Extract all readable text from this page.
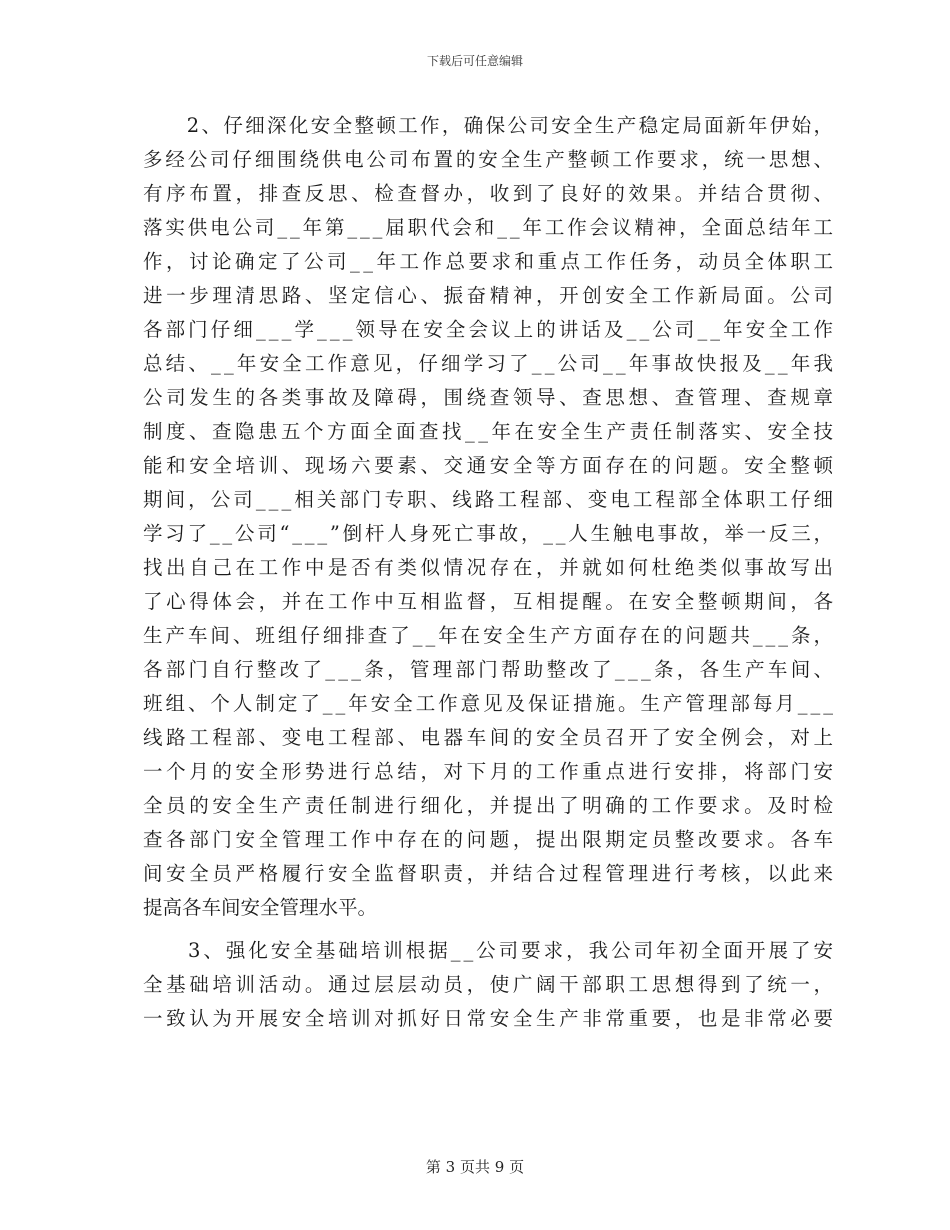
下载后可任意编辑
　　2、仔细深化安全整顿工作，确保公司安全生产稳定局面新年伊始，
多经公司仔细围绕供电公司布置的安全生产整顿工作要求，统一思想、
有序布置，排查反思、检查督办，收到了良好的效果。并结合贯彻、
落实供电公司__年第___届职代会和__年工作会议精神，全面总结年工
作，讨论确定了公司__年工作总要求和重点工作任务，动员全体职工
进一步理清思路、坚定信心、振奋精神，开创安全工作新局面。公司
各部门仔细___学___领导在安全会议上的讲话及__公司__年安全工作
总结、__年安全工作意见，仔细学习了__公司__年事故快报及__年我
公司发生的各类事故及障碍，围绕查领导、查思想、查管理、查规章
制度、查隐患五个方面全面查找__年在安全生产责任制落实、安全技
能和安全培训、现场六要素、交通安全等方面存在的问题。安全整顿
期间，公司___相关部门专职、线路工程部、变电工程部全体职工仔细
学习了__公司“___”倒杆人身死亡事故，__人生触电事故，举一反三，
找出自己在工作中是否有类似情况存在，并就如何杜绝类似事故写出
了心得体会，并在工作中互相监督，互相提醒。在安全整顿期间，各
生产车间、班组仔细排查了__年在安全生产方面存在的问题共___条，
各部门自行整改了___条，管理部门帮助整改了___条，各生产车间、
班组、个人制定了__年安全工作意见及保证措施。生产管理部每月___
线路工程部、变电工程部、电器车间的安全员召开了安全例会，对上
一个月的安全形势进行总结，对下月的工作重点进行安排，将部门安
全员的安全生产责任制进行细化，并提出了明确的工作要求。及时检
查各部门安全管理工作中存在的问题，提出限期定员整改要求。各车
间安全员严格履行安全监督职责，并结合过程管理进行考核，以此来
提高各车间安全管理水平。
　　3、强化安全基础培训根据__公司要求，我公司年初全面开展了安
全基础培训活动。通过层层动员，使广阔干部职工思想得到了统一，
一致认为开展安全培训对抓好日常安全生产非常重要，也是非常必要
第 3 页共 9 页
